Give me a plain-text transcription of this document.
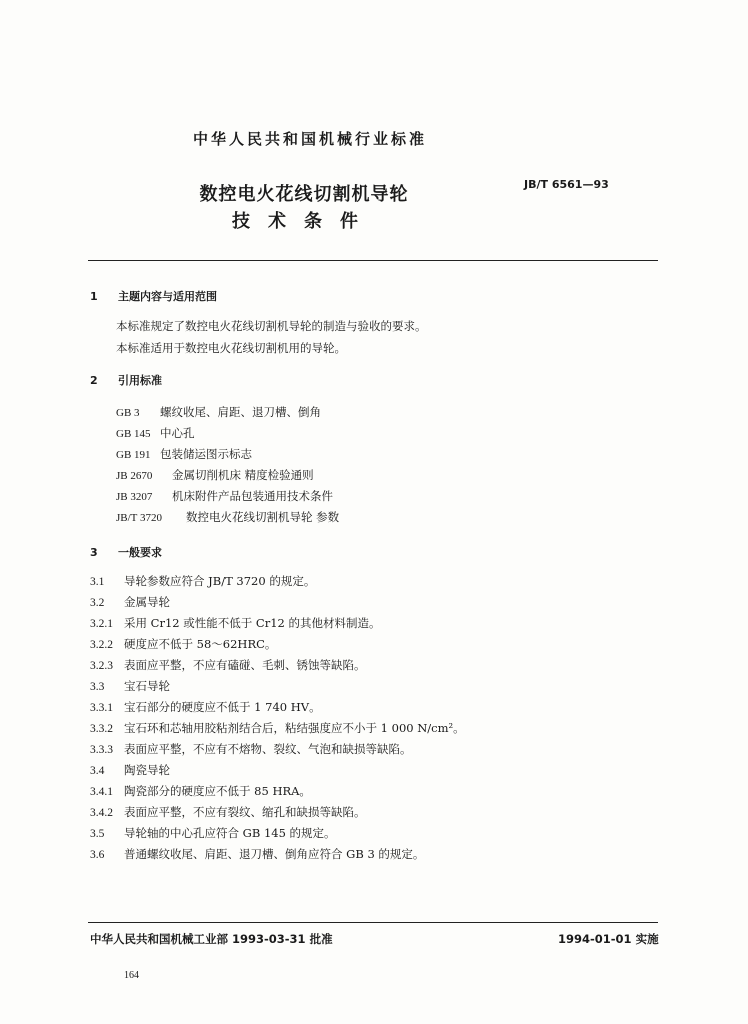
中华人民共和国机械行业标准
JB/T 6561—93
数控电火花线切割机导轮
技术条件
1 主题内容与适用范围
本标准规定了数控电火花线切割机导轮的制造与验收的要求。
本标准适用于数控电火花线切割机用的导轮。
2 引用标准
GB 3 螺纹收尾、肩距、退刀槽、倒角
GB 145 中心孔
GB 191 包装储运图示标志
JB 2670 金属切削机床 精度检验通则
JB 3207 机床附件产品包装通用技术条件
JB/T 3720 数控电火花线切割机导轮 参数
3 一般要求
3.1 导轮参数应符合 JB/T 3720 的规定。
3.2 金属导轮
3.2.1 采用 Cr12 或性能不低于 Cr12 的其他材料制造。
3.2.2 硬度应不低于 58～62HRC。
3.2.3 表面应平整，不应有磕碰、毛刺、锈蚀等缺陷。
3.3 宝石导轮
3.3.1 宝石部分的硬度应不低于 1 740 HV。
3.3.2 宝石环和芯轴用胶粘剂结合后，粘结强度应不小于 1 000 N/cm²。
3.3.3 表面应平整，不应有不熔物、裂纹、气泡和缺损等缺陷。
3.4 陶瓷导轮
3.4.1 陶瓷部分的硬度应不低于 85 HRA。
3.4.2 表面应平整，不应有裂纹、缩孔和缺损等缺陷。
3.5 导轮轴的中心孔应符合 GB 145 的规定。
3.6 普通螺纹收尾、肩距、退刀槽、倒角应符合 GB 3 的规定。
中华人民共和国机械工业部 1993-03-31 批准	1994-01-01 实施
164
